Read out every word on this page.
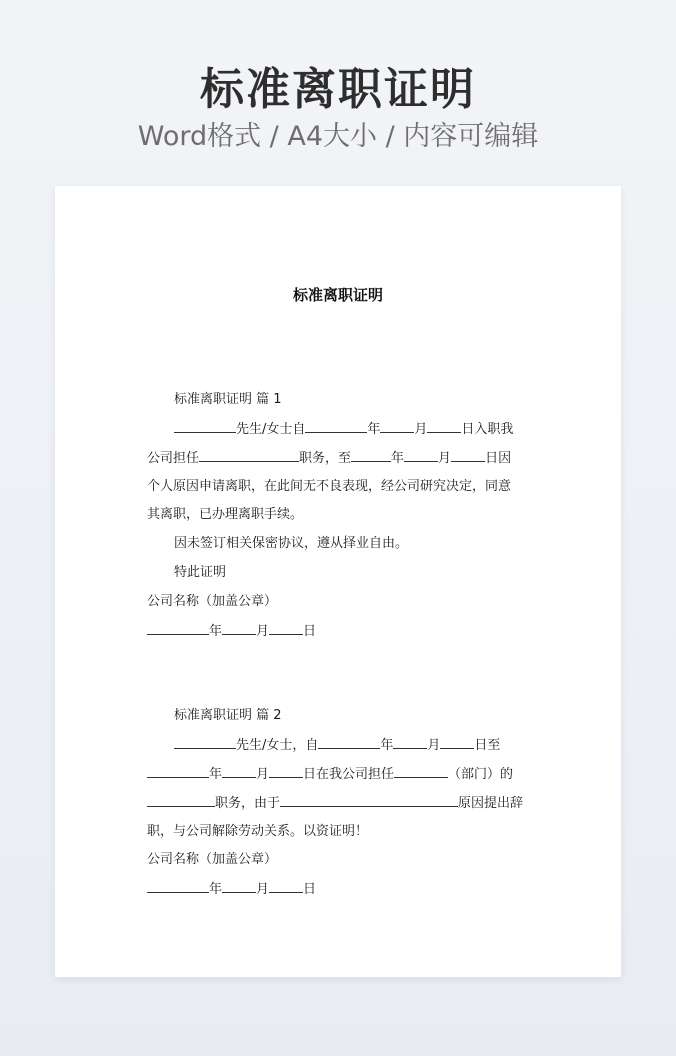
标准离职证明
Word格式 / A4大小 / 内容可编辑
标准离职证明
标准离职证明 篇 1
先生/女士自	年	月	日入职我
公司担任	职务，至	年	月	日因
个人原因申请离职，在此间无不良表现，经公司研究决定，同意
其离职，已办理离职手续。
因未签订相关保密协议，遵从择业自由。
特此证明
公司名称（加盖公章）
年	月	日
标准离职证明 篇 2
先生/女士，自	年	月	日至
年	月	日在我公司担任	（部门）的
职务，由于	原因提出辞
职，与公司解除劳动关系。以资证明！
公司名称（加盖公章）
年	月	日
